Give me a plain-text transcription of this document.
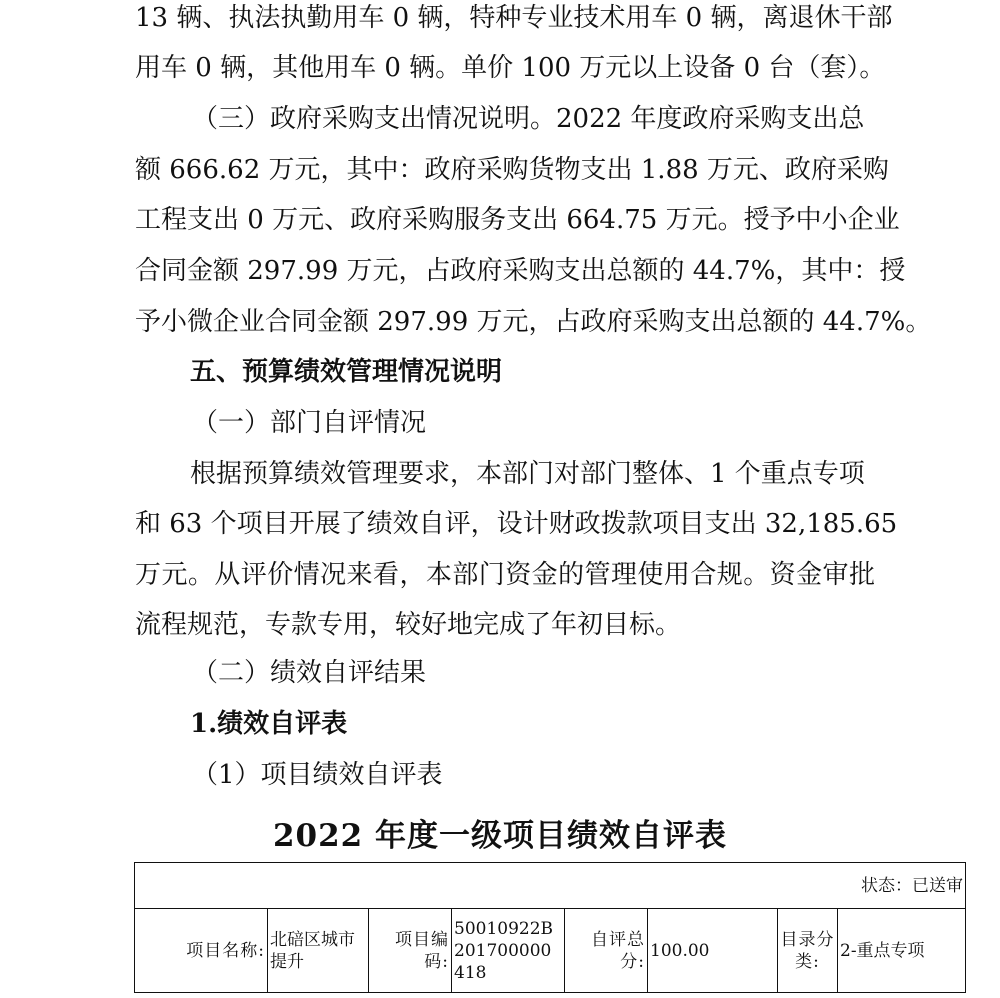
13 辆、执法执勤用车 0 辆，特种专业技术用车 0 辆，离退休干部
用车 0 辆，其他用车 0 辆。单价 100 万元以上设备 0 台（套）。
（三）政府采购支出情况说明。2022 年度政府采购支出总
额 666.62 万元，其中：政府采购货物支出 1.88 万元、政府采购
工程支出 0 万元、政府采购服务支出 664.75 万元。授予中小企业
合同金额 297.99 万元，占政府采购支出总额的 44.7%，其中：授
予小微企业合同金额 297.99 万元，占政府采购支出总额的 44.7%。
五、预算绩效管理情况说明
（一）部门自评情况
根据预算绩效管理要求，本部门对部门整体、1 个重点专项
和 63 个项目开展了绩效自评，设计财政拨款项目支出 32,185.65
万元。从评价情况来看，本部门资金的管理使用合规。资金审批
流程规范，专款专用，较好地完成了年初目标。
（二）绩效自评结果
1.绩效自评表
（1）项目绩效自评表
2022 年度一级项目绩效自评表
状态：已送审
项目名称:	北碚区城市提升	项目编码:	50010922B201700000418	自评总分:	100.00	目录分类:	2-重点专项
